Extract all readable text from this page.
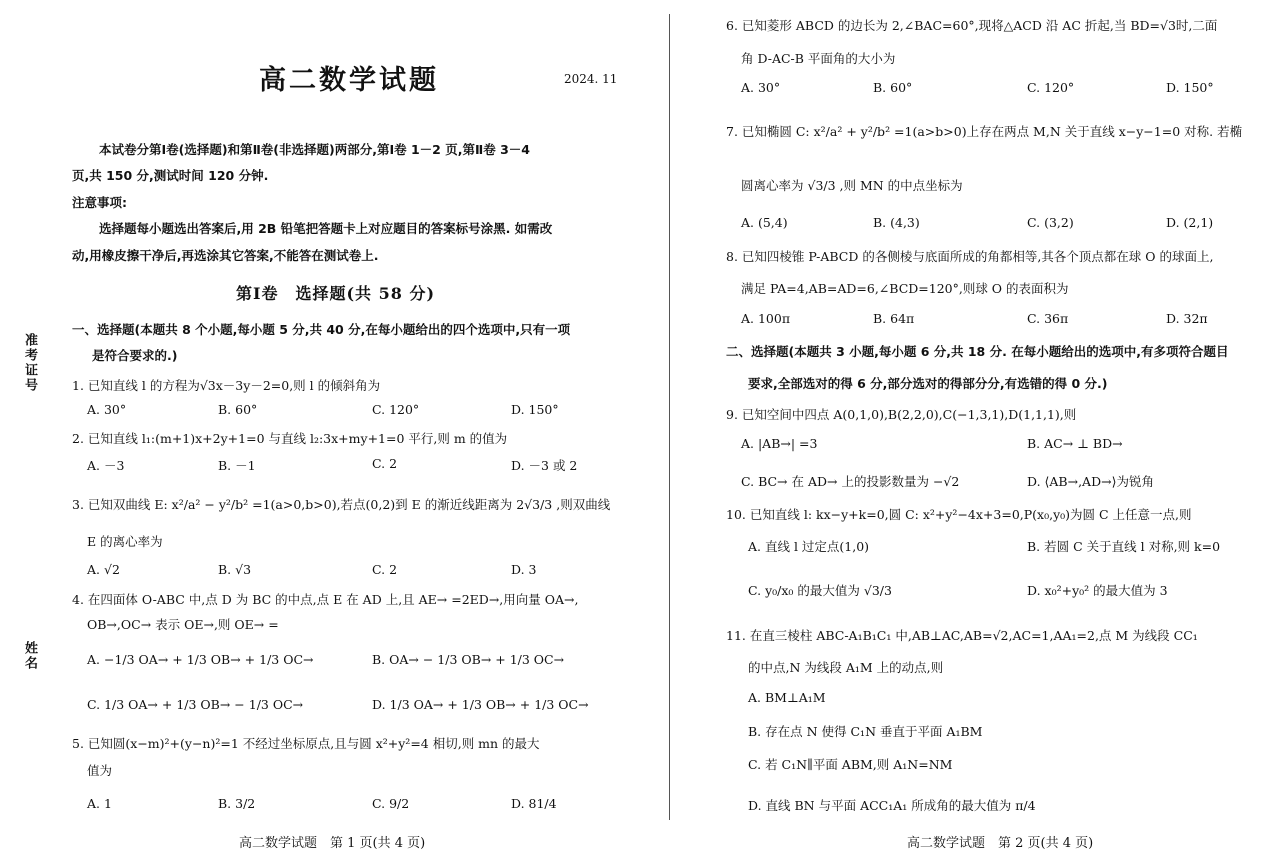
准考证号
姓名
高二数学试题	2024. 11
本试卷分第Ⅰ卷(选择题)和第Ⅱ卷(非选择题)两部分,第Ⅰ卷 1－2 页,第Ⅱ卷 3－4
页,共 150 分,测试时间 120 分钟.
注意事项:
选择题每小题选出答案后,用 2B 铅笔把答题卡上对应题目的答案标号涂黑. 如需改
动,用橡皮擦干净后,再选涂其它答案,不能答在测试卷上.
第Ⅰ卷　选择题(共 58 分)
一、选择题(本题共 8 个小题,每小题 5 分,共 40 分,在每小题给出的四个选项中,只有一项
是符合要求的.)
1. 已知直线 l 的方程为√3x－3y－2=0,则 l 的倾斜角为
A. 30°	B. 60°	C. 120°	D. 150°
2. 已知直线 l₁:(m+1)x+2y+1=0 与直线 l₂:3x+my+1=0 平行,则 m 的值为
A. －3	B. －1	C. 2	D. －3 或 2
3. 已知双曲线 E: x²/a² − y²/b² =1(a>0,b>0),若点(0,2)到 E 的渐近线距离为 2√3/3 ,则双曲线
E 的离心率为
A. √2	B. √3	C. 2	D. 3
4. 在四面体 O-ABC 中,点 D 为 BC 的中点,点 E 在 AD 上,且 AE→ =2ED→,用向量 OA→,
OB→,OC→ 表示 OE→,则 OE→ =
A. −1/3 OA→ + 1/3 OB→ + 1/3 OC→	B. OA→ − 1/3 OB→ + 1/3 OC→
C. 1/3 OA→ + 1/3 OB→ − 1/3 OC→	D. 1/3 OA→ + 1/3 OB→ + 1/3 OC→
5. 已知圆(x−m)²+(y−n)²=1 不经过坐标原点,且与圆 x²+y²=4 相切,则 mn 的最大
值为
A. 1	B. 3/2	C. 9/2	D. 81/4
高二数学试题　第 1 页(共 4 页)
6. 已知菱形 ABCD 的边长为 2,∠BAC=60°,现将△ACD 沿 AC 折起,当 BD=√3时,二面
角 D-AC-B 平面角的大小为
A. 30°	B. 60°	C. 120°	D. 150°
7. 已知椭圆 C: x²/a² + y²/b² =1(a>b>0)上存在两点 M,N 关于直线 x−y−1=0 对称. 若椭
圆离心率为 √3/3 ,则 MN 的中点坐标为
A. (5,4)	B. (4,3)	C. (3,2)	D. (2,1)
8. 已知四棱锥 P-ABCD 的各侧棱与底面所成的角都相等,其各个顶点都在球 O 的球面上,
满足 PA=4,AB=AD=6,∠BCD=120°,则球 O 的表面积为
A. 100π	B. 64π	C. 36π	D. 32π
二、选择题(本题共 3 小题,每小题 6 分,共 18 分. 在每小题给出的选项中,有多项符合题目
要求,全部选对的得 6 分,部分选对的得部分分,有选错的得 0 分.)
9. 已知空间中四点 A(0,1,0),B(2,2,0),C(−1,3,1),D(1,1,1),则
A. |AB→| =3	B. AC→ ⊥ BD→
C. BC→ 在 AD→ 上的投影数量为 −√2	D. ⟨AB→,AD→⟩为锐角
10. 已知直线 l: kx−y+k=0,圆 C: x²+y²−4x+3=0,P(x₀,y₀)为圆 C 上任意一点,则
A. 直线 l 过定点(1,0)	B. 若圆 C 关于直线 l 对称,则 k=0
C. y₀/x₀ 的最大值为 √3/3	D. x₀²+y₀² 的最大值为 3
11. 在直三棱柱 ABC-A₁B₁C₁ 中,AB⊥AC,AB=√2,AC=1,AA₁=2,点 M 为线段 CC₁
的中点,N 为线段 A₁M 上的动点,则
A. BM⊥A₁M
B. 存在点 N 使得 C₁N 垂直于平面 A₁BM
C. 若 C₁N∥平面 ABM,则 A₁N=NM
D. 直线 BN 与平面 ACC₁A₁ 所成角的最大值为 π/4
高二数学试题　第 2 页(共 4 页)
